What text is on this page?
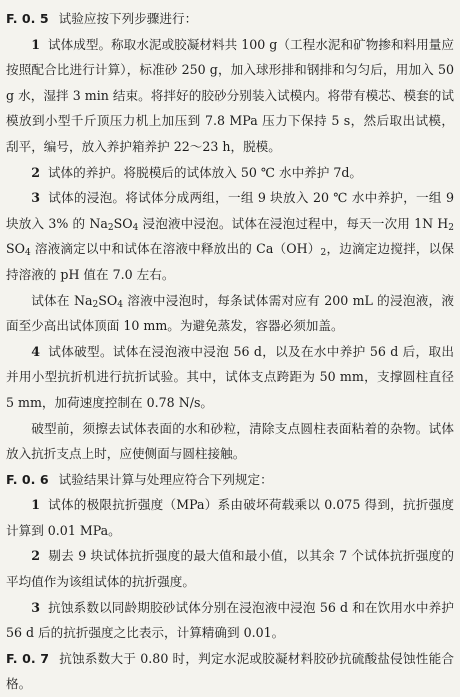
F. 0. 5 试验应按下列步骤进行：

1 试体成型。称取水泥或胶凝材料共 100 g（工程水泥和矿物掺和料用量应按照配合比进行计算），标准砂 250 g，加入球形排和钢排和匀匀后，用加入 50 g 水，湿拌 3 min 结束。将拌好的胶砂分别装入试模内。将带有模芯、模套的试模放到小型千斤顶压力机上加压到 7.8 MPa 压力下保持 5 s，然后取出试模，刮平，编号，放入养护箱养护 22～23 h，脱模。

2 试体的养护。将脱模后的试体放入 50 ℃ 水中养护 7d。

3 试体的浸泡。将试体分成两组，一组 9 块放入 20 ℃ 水中养护，一组 9 块放入 3% 的 $Na_2SO_4$ 浸泡液中浸泡。试体在浸泡过程中，每天一次用 1N $H_2SO_4$ 溶液滴定以中和试体在溶液中释放出的 $Ca(OH)_2$，边滴定边搅拌，以保持溶液的 pH 值在 7.0 左右。

试体在 $Na_2SO_4$ 溶液中浸泡时，每条试体需对应有 200 mL 的浸泡液，液面至少高出试体顶面 10 mm。为避免蒸发，容器必须加盖。

4 试体破型。试体在浸泡液中浸泡 56 d，以及在水中养护 56 d 后，取出并用小型抗折机进行抗折试验。其中，试体支点跨距为 50 mm，支撑圆柱直径 5 mm，加荷速度控制在 0.78 N/s。

破型前，须擦去试体表面的水和砂粒，清除支点圆柱表面粘着的杂物。试体放入抗折支点上时，应使侧面与圆柱接触。

F. 0. 6 试验结果计算与处理应符合下列规定：

1 试体的极限抗折强度（MPa）系由破坏荷载乘以 0.075 得到，抗折强度计算到 0.01 MPa。

2 剔去 9 块试体抗折强度的最大值和最小值，以其余 7 个试体抗折强度的平均值作为该组试体的抗折强度。

3 抗蚀系数以同龄期胶砂试体分别在浸泡液中浸泡 56 d 和在饮用水中养护 56 d 后的抗折强度之比表示，计算精确到 0.01。

F. 0. 7 抗蚀系数大于 0.80 时，判定水泥或胶凝材料胶砂抗硫酸盐侵蚀性能合格。
